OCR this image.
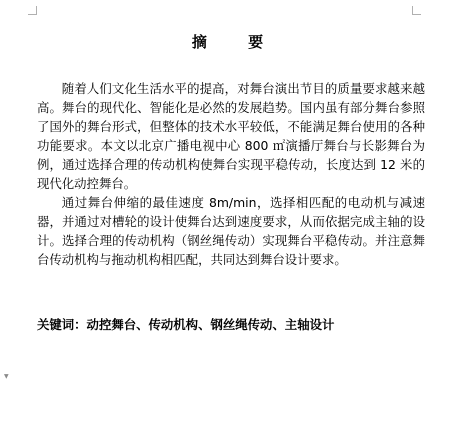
摘 要

随着人们文化生活水平的提高，对舞台演出节目的质量要求越来越高。舞台的现代化、智能化是必然的发展趋势。国内虽有部分舞台参照了国外的舞台形式，但整体的技术水平较低，不能满足舞台使用的各种功能要求。本文以北京广播电视中心 800 ㎡演播厅舞台与长影舞台为例，通过选择合理的传动机构使舞台实现平稳传动，长度达到 12 米的现代化动控舞台。

通过舞台伸缩的最佳速度 8m/min，选择相匹配的电动机与减速器，并通过对槽轮的设计使舞台达到速度要求，从而依据完成主轴的设计。选择合理的传动机构（钢丝绳传动）实现舞台平稳传动。并注意舞台传动机构与拖动机构相匹配，共同达到舞台设计要求。

关键词：动控舞台、传动机构、钢丝绳传动、主轴设计
▼
